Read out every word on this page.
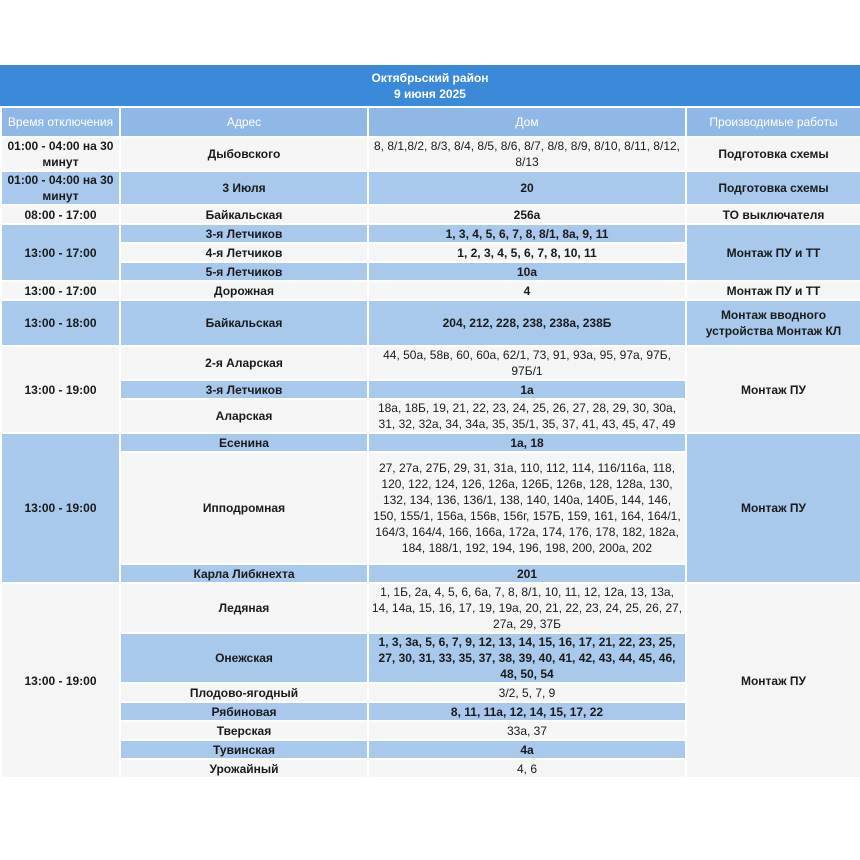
Октябрьский район
9 июня 2025
Время отключения	Адрес	Дом	Производимые работы
01:00 - 04:00 на 30 минут	Дыбовского	8, 8/1,8/2, 8/3, 8/4, 8/5, 8/6, 8/7, 8/8, 8/9, 8/10, 8/11, 8/12, 8/13	Подготовка схемы
01:00 - 04:00 на 30 минут	3 Июля	20	Подготовка схемы
08:00 - 17:00	Байкальская	256а	ТО выключателя
13:00 - 17:00	3-я Летчиков	1, 3, 4, 5, 6, 7, 8, 8/1, 8а, 9, 11	Монтаж ПУ и ТТ
	4-я Летчиков	1, 2, 3, 4, 5, 6, 7, 8, 10, 11	
	5-я Летчиков	10а	
13:00 - 17:00	Дорожная	4	Монтаж ПУ и ТТ
13:00 - 18:00	Байкальская	204, 212, 228, 238, 238а, 238Б	Монтаж вводного устройства Монтаж КЛ
13:00 - 19:00	2-я Аларская	44, 50а, 58в, 60, 60а, 62/1, 73, 91, 93а, 95, 97а, 97Б, 97Б/1	Монтаж ПУ
	3-я Летчиков	1а	
	Аларская	18а, 18Б, 19, 21, 22, 23, 24, 25, 26, 27, 28, 29, 30, 30а, 31, 32, 32а, 34, 34а, 35, 35/1, 35, 37, 41, 43, 45, 47, 49	
13:00 - 19:00	Есенина	1а, 18	Монтаж ПУ
	Ипподромная	27, 27а, 27Б, 29, 31, 31а, 110, 112, 114, 116/116а, 118, 120, 122, 124, 126, 126а, 126Б, 126в, 128, 128а, 130, 132, 134, 136, 136/1, 138, 140, 140а, 140Б, 144, 146, 150, 155/1, 156а, 156в, 156г, 157Б, 159, 161, 164, 164/1, 164/3, 164/4, 166, 166а, 172а, 174, 176, 178, 182, 182а, 184, 188/1, 192, 194, 196, 198, 200, 200а, 202	
	Карла Либкнехта	201	
13:00 - 19:00	Ледяная	1, 1Б, 2а, 4, 5, 6, 6а, 7, 8, 8/1, 10, 11, 12, 12а, 13, 13а, 14, 14а, 15, 16, 17, 19, 19а, 20, 21, 22, 23, 24, 25, 26, 27, 27а, 29, 37Б	Монтаж ПУ
	Онежская	1, 3, 3а, 5, 6, 7, 9, 12, 13, 14, 15, 16, 17, 21, 22, 23, 25, 27, 30, 31, 33, 35, 37, 38, 39, 40, 41, 42, 43, 44, 45, 46, 48, 50, 54	
	Плодово-ягодный	3/2, 5, 7, 9	
	Рябиновая	8, 11, 11а, 12, 14, 15, 17, 22	
	Тверская	33а, 37	
	Тувинская	4а	
	Урожайный	4, 6	
